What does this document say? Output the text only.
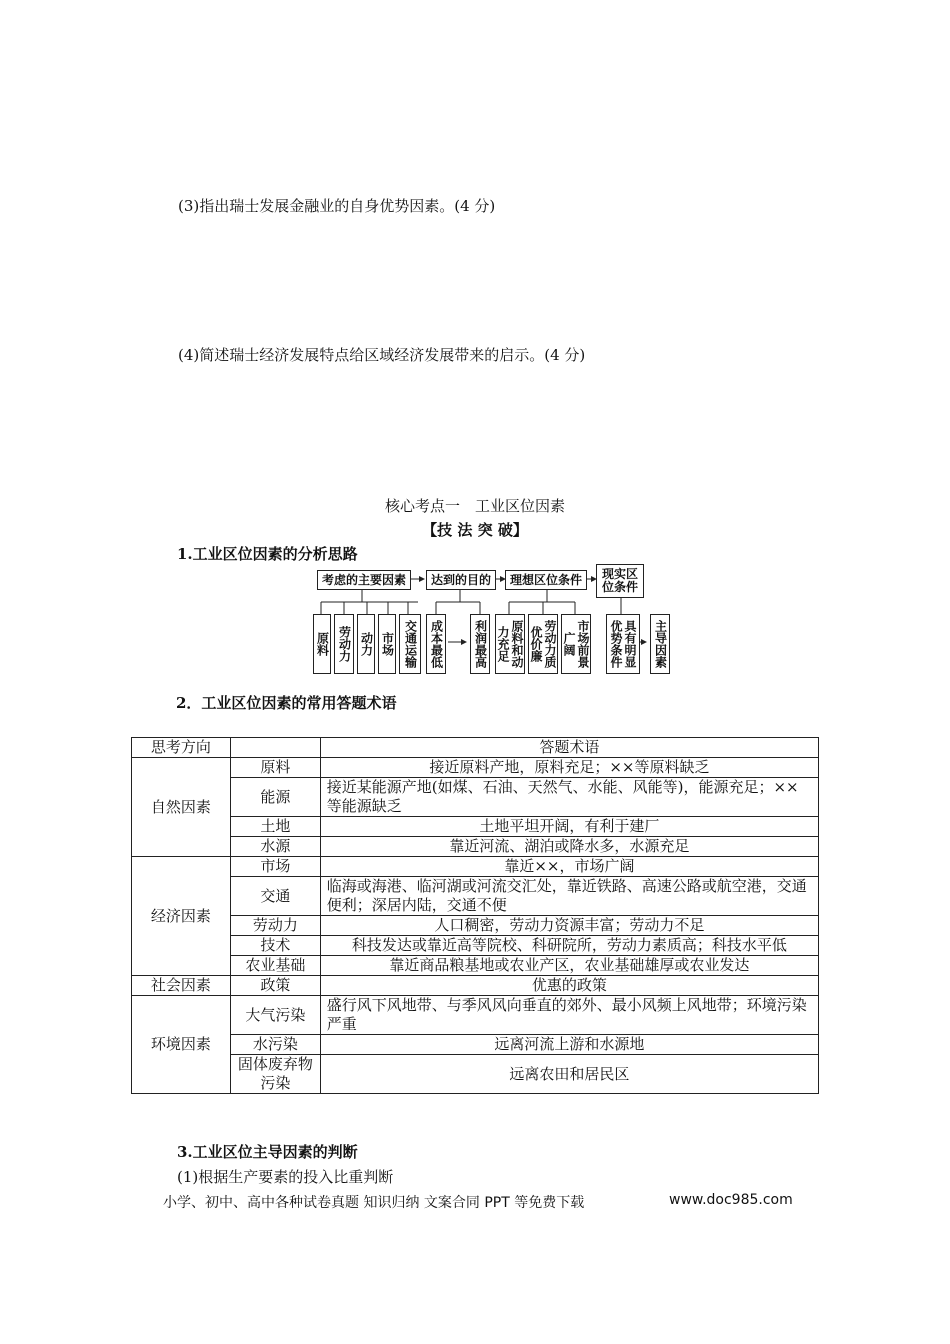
(3)指出瑞士发展金融业的自身优势因素。(4 分)
(4)简述瑞士经济发展特点给区域经济发展带来的启示。(4 分)
核心考点一　工业区位因素
【技 法 突 破】
1.工业区位因素的分析思路
考虑的主要因素	达到的目的	理想区位条件	现实区位条件
原料 劳动力 动力 市场 交通运输 成本最低	利润最高	原料和动力充足	劳动力质优价廉	市场前景广阔	具有明显优势条件	主导因素
2．工业区位因素的常用答题术语
思考方向		答题术语
自然因素	原料	接近原料产地，原料充足；××等原料缺乏
	能源	接近某能源产地(如煤、石油、天然气、水能、风能等)，能源充足；××等能源缺乏
	土地	土地平坦开阔，有利于建厂
	水源	靠近河流、湖泊或降水多，水源充足
经济因素	市场	靠近××，市场广阔
	交通	临海或海港、临河湖或河流交汇处，靠近铁路、高速公路或航空港，交通便利；深居内陆，交通不便
	劳动力	人口稠密，劳动力资源丰富；劳动力不足
	技术	科技发达或靠近高等院校、科研院所，劳动力素质高；科技水平低
	农业基础	靠近商品粮基地或农业产区，农业基础雄厚或农业发达
社会因素	政策	优惠的政策
环境因素	大气污染	盛行风下风地带、与季风风向垂直的郊外、最小风频上风地带；环境污染严重
	水污染	远离河流上游和水源地
	固体废弃物污染	远离农田和居民区
3.工业区位主导因素的判断
(1)根据生产要素的投入比重判断
小学、初中、高中各种试卷真题 知识归纳 文案合同 PPT 等免费下载	www.doc985.com
